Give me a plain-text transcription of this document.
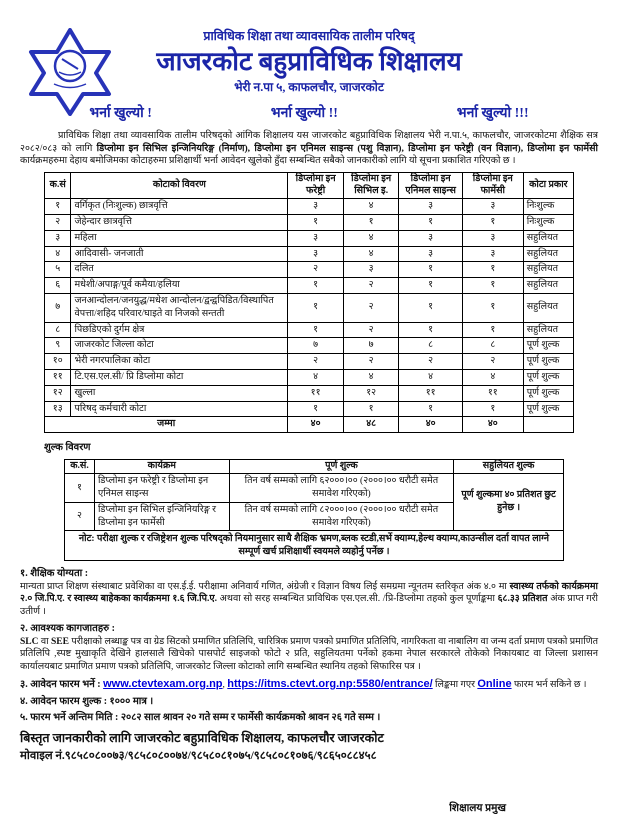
प्राविधिक शिक्षा तथा व्यावसायिक तालीम परिषद्
जाजरकोट बहुप्राविधिक शिक्षालय
भेरी न.पा ५, काफलचौर, जाजरकोट
भर्ना खुल्यो !	भर्ना खुल्यो !!	भर्ना खुल्यो !!!
प्राविधिक शिक्षा तथा व्यावसायिक तालीम परिषद्को आंगिक शिक्षालय यस जाजरकोट बहुप्राविधिक शिक्षालय भेरी न.पा.५, काफलचौर, जाजरकोटमा शैक्षिक सत्र २०८२/०८३ को लागि डिप्लोमा इन सिभिल इन्जिनियरिङ्ग (निर्माण), डिप्लोमा इन एनिमल साइन्स (पशु विज्ञान), डिप्लोमा इन फरेष्ट्री (वन विज्ञान), डिप्लोमा इन फार्मेसी कार्यक्रमहरुमा देहाय बमोजिमका कोटाहरुमा प्रशिक्षार्थी भर्ना आवेदन खुलेको हुँदा सम्बन्धित सबैको जानकारीको लागि यो सूचना प्रकाशित गरिएको छ ।
क.सं	कोटाको विवरण	डिप्लोमा इन फरेष्ट्री	डिप्लोमा इन सिभिल इ.	डिप्लोमा इन एनिमल साइन्स	डिप्लोमा इन फार्मेसी	कोटा प्रकार
१	वर्गिकृत (निःशुल्क) छात्रवृत्ति	३	४	३	३	निःशुल्क
२	जेहेन्दार छात्रवृत्ति	१	१	१	१	निःशुल्क
३	महिला	३	४	३	३	सहुलियत
४	आदिवासी- जनजाती	३	४	३	३	सहुलियत
५	दलित	२	३	१	१	सहुलियत
६	मधेशी/अपाङ्ग/पूर्व कमैया/हलिया	१	२	१	१	सहुलियत
७	जनआन्दोलन/जनयुद्ध/मधेश आन्दोलन/द्वन्द्वपिडित/विस्थापित वेपत्ता/शहिद परिवार/घाइते वा निजको सन्तती	१	२	१	१	सहुलियत
८	पिछडिएको दुर्गम क्षेत्र	१	२	१	१	सहुलियत
९	जाजरकोट जिल्ला कोटा	७	७	८	८	पूर्ण शुल्क
१०	भेरी नगरपालिका कोटा	२	२	२	२	पूर्ण शुल्क
११	टि.एस.एल.सी/ प्रि डिप्लोमा कोटा	४	४	४	४	पूर्ण शुल्क
१२	खुल्ला	११	१२	११	११	पूर्ण शुल्क
१३	परिषद् कर्मचारी कोटा	१	१	१	१	पूर्ण शुल्क
जम्मा		४०	४८	४०	४०	
शुल्क विवरण
क.सं.	कार्यक्रम	पूर्ण शुल्क	सहुलियत शुल्क
१	डिप्लोमा इन फरेष्ट्री र डिप्लोमा इन एनिमल साइन्स	तिन वर्ष सम्मको लागि ६२०००।०० (२०००।०० धरौटी समेत समावेश गरिएको)	पूर्ण शुल्कमा ४० प्रतिशत छुट हुनेछ ।
२	डिप्लोमा इन सिभिल इन्जिनियरिङ्ग र डिप्लोमा इन फार्मेसी	तिन वर्ष सम्मको लागि ८२०००।०० (२०००।०० धरौटी समेत समावेश गरिएको)	
नोट: परीक्षा शुल्क र रजिष्ट्रेशन शुल्क परिषद्को नियमानुसार साथै शैक्षिक भ्रमण,ब्लक स्टडी,सर्भे क्याम्प,हेल्थ क्याम्प,काउन्सील दर्ता वापत लाग्ने सम्पूर्ण खर्च प्रशिक्षार्थी स्वयमले व्यहोर्नु पर्नेछ ।			
१. शैक्षिक योग्यता :
मान्यता प्राप्त शिक्षण संस्थाबाट प्रवेशिका वा एस.ई.ई. परीक्षामा अनिवार्य गणित, अंग्रेजी र विज्ञान विषय लिई समग्रमा न्यूनतम स्तरिकृत अंक ४.० मा स्वास्थ्य तर्फको कार्यक्रममा २.० जि.पि.ए. र स्वास्थ्य बाहेकका कार्यक्रममा १.६ जि.पि.ए. अथवा सो सरह सम्बन्धित प्राविधिक एस.एल.सी. /प्रि-डिप्लोमा तहको कुल पूर्णाङ्कमा ६८.३३ प्रतिशत अंक प्राप्त गरी उतीर्ण ।
२. आवश्यक कागजातहरु :
SLC वा SEE परीक्षाको लब्धाङ्क पत्र वा ग्रेड सिटको प्रमाणित प्रतिलिपि, चारित्रिक प्रमाण पत्रको प्रमाणित प्रतिलिपि, नागरिकता वा नाबालिग वा जन्म दर्ता प्रमाण पत्रको प्रमाणित प्रतिलिपि ,स्पष्ट मुखाकृति देखिने हालसालै खिचेको पासपोर्ट साइजको फोटो २ प्रति, सहुलियतमा पर्नेको हकमा नेपाल सरकारले तोकेको निकायबाट वा जिल्ला प्रशासन कार्यालयबाट प्रमाणित प्रमाण पत्रको प्रतिलिपि, जाजरकोट जिल्ला कोटाको लागि सम्बन्धित स्थानिय तहको सिफारिस पत्र ।
३. आवेदन फारम भर्ने : www.ctevtexam.org.np, https://itms.ctevt.org.np:5580/entrance/ लिङ्कमा गएर Online फारम भर्न सकिने छ ।
४. आवेदन फारम शुल्क : १००० मात्र ।
५. फारम भर्ने अन्तिम मिति : २०८२ साल श्रावन २० गते सम्म र फार्मेसी कार्यक्रमको श्रावन २६ गते सम्म ।
बिस्तृत जानकारीको लागि जाजरकोट बहुप्राविधिक शिक्षालय, काफलचौर जाजरकोट
मोवाइल नं.९८५८०८००७३/९८५८०८००७४/९८५८०८१०७५/९८५८०८१०७६/९८६५०८८४५८
शिक्षालय प्रमुख
